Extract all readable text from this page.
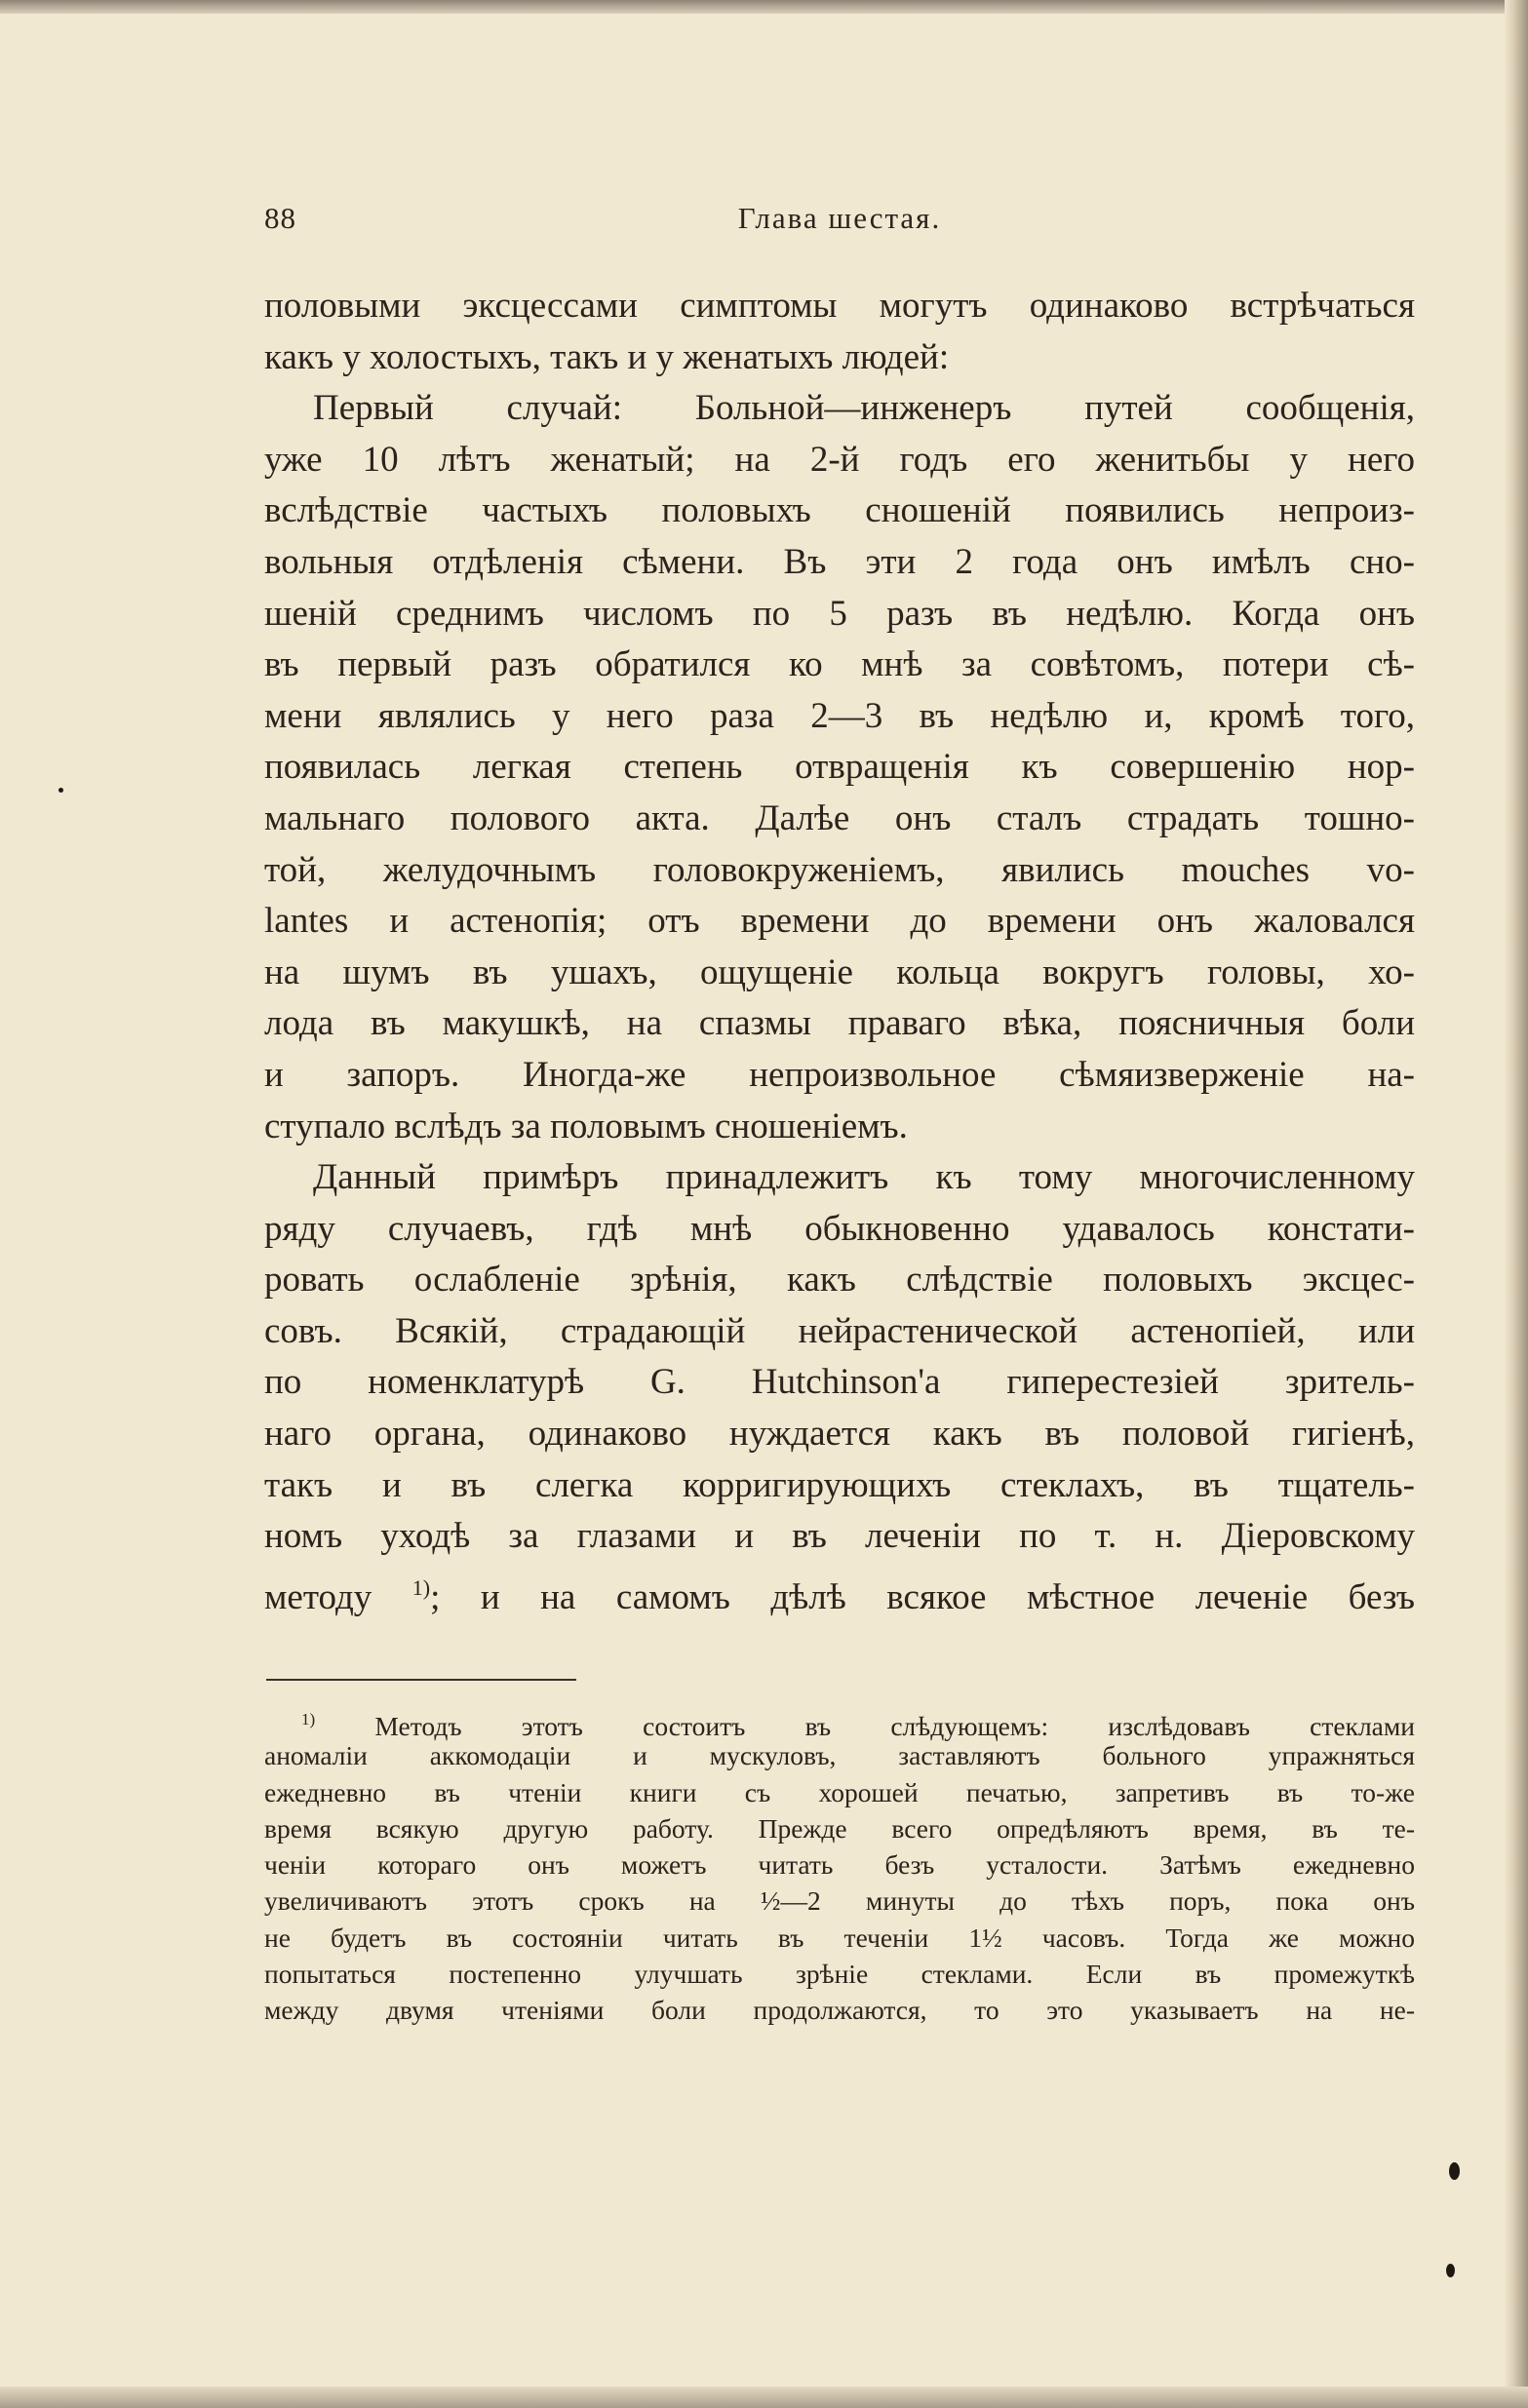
88	Глава шестая.
половыми эксцессами симптомы могутъ одинаково встрѣчаться
какъ у холостыхъ, такъ и у женатыхъ людей:
Первый случай: Больной—инженеръ путей сообщенія,
уже 10 лѣтъ женатый; на 2-й годъ его женитьбы у него
вслѣдствіе частыхъ половыхъ сношеній появились непроиз-
вольныя отдѣленія сѣмени. Въ эти 2 года онъ имѣлъ сно-
шеній среднимъ числомъ по 5 разъ въ недѣлю. Когда онъ
въ первый разъ обратился ко мнѣ за совѣтомъ, потери сѣ-
мени являлись у него раза 2—3 въ недѣлю и, кромѣ того,
появилась легкая степень отвращенія къ совершенію нор-
мальнаго полового акта. Далѣе онъ сталъ страдать тошно-
той, желудочнымъ головокруженіемъ, явились mouches vo-
lantes и астенопія; отъ времени до времени онъ жаловался
на шумъ въ ушахъ, ощущеніе кольца вокругъ головы, хо-
лода въ макушкѣ, на спазмы праваго вѣка, поясничныя боли
и запоръ. Иногда-же непроизвольное сѣмяизверженіе на-
ступало вслѣдъ за половымъ сношеніемъ.
Данный примѣръ принадлежитъ къ тому многочисленному
ряду случаевъ, гдѣ мнѣ обыкновенно удавалось констати-
ровать ослабленіе зрѣнія, какъ слѣдствіе половыхъ эксцес-
совъ. Всякій, страдающій нейрастенической астенопіей, или
по номенклатурѣ G. Hutchinson'а гиперестезіей зритель-
наго органа, одинаково нуждается какъ въ половой гигіенѣ,
такъ и въ слегка корригирующихъ стеклахъ, въ тщатель-
номъ уходѣ за глазами и въ леченіи по т. н. Діеровскому
методу $^{1)}$; и на самомъ дѣлѣ всякое мѣстное леченіе безъ
$^{1)}$ Методъ этотъ состоитъ въ слѣдующемъ: изслѣдовавъ стеклами
аномаліи аккомодаціи и мускуловъ, заставляютъ больного упражняться
ежедневно въ чтеніи книги съ хорошей печатью, запретивъ въ то-же
время всякую другую работу. Прежде всего опредѣляютъ время, въ те-
ченіи котораго онъ можетъ читать безъ усталости. Затѣмъ ежедневно
увеличиваютъ этотъ срокъ на ½—2 минуты до тѣхъ поръ, пока онъ
не будетъ въ состояніи читать въ теченіи 1½ часовъ. Тогда же можно
попытаться постепенно улучшать зрѣніе стеклами. Если въ промежуткѣ
между двумя чтеніями боли продолжаются, то это указываетъ на не-
